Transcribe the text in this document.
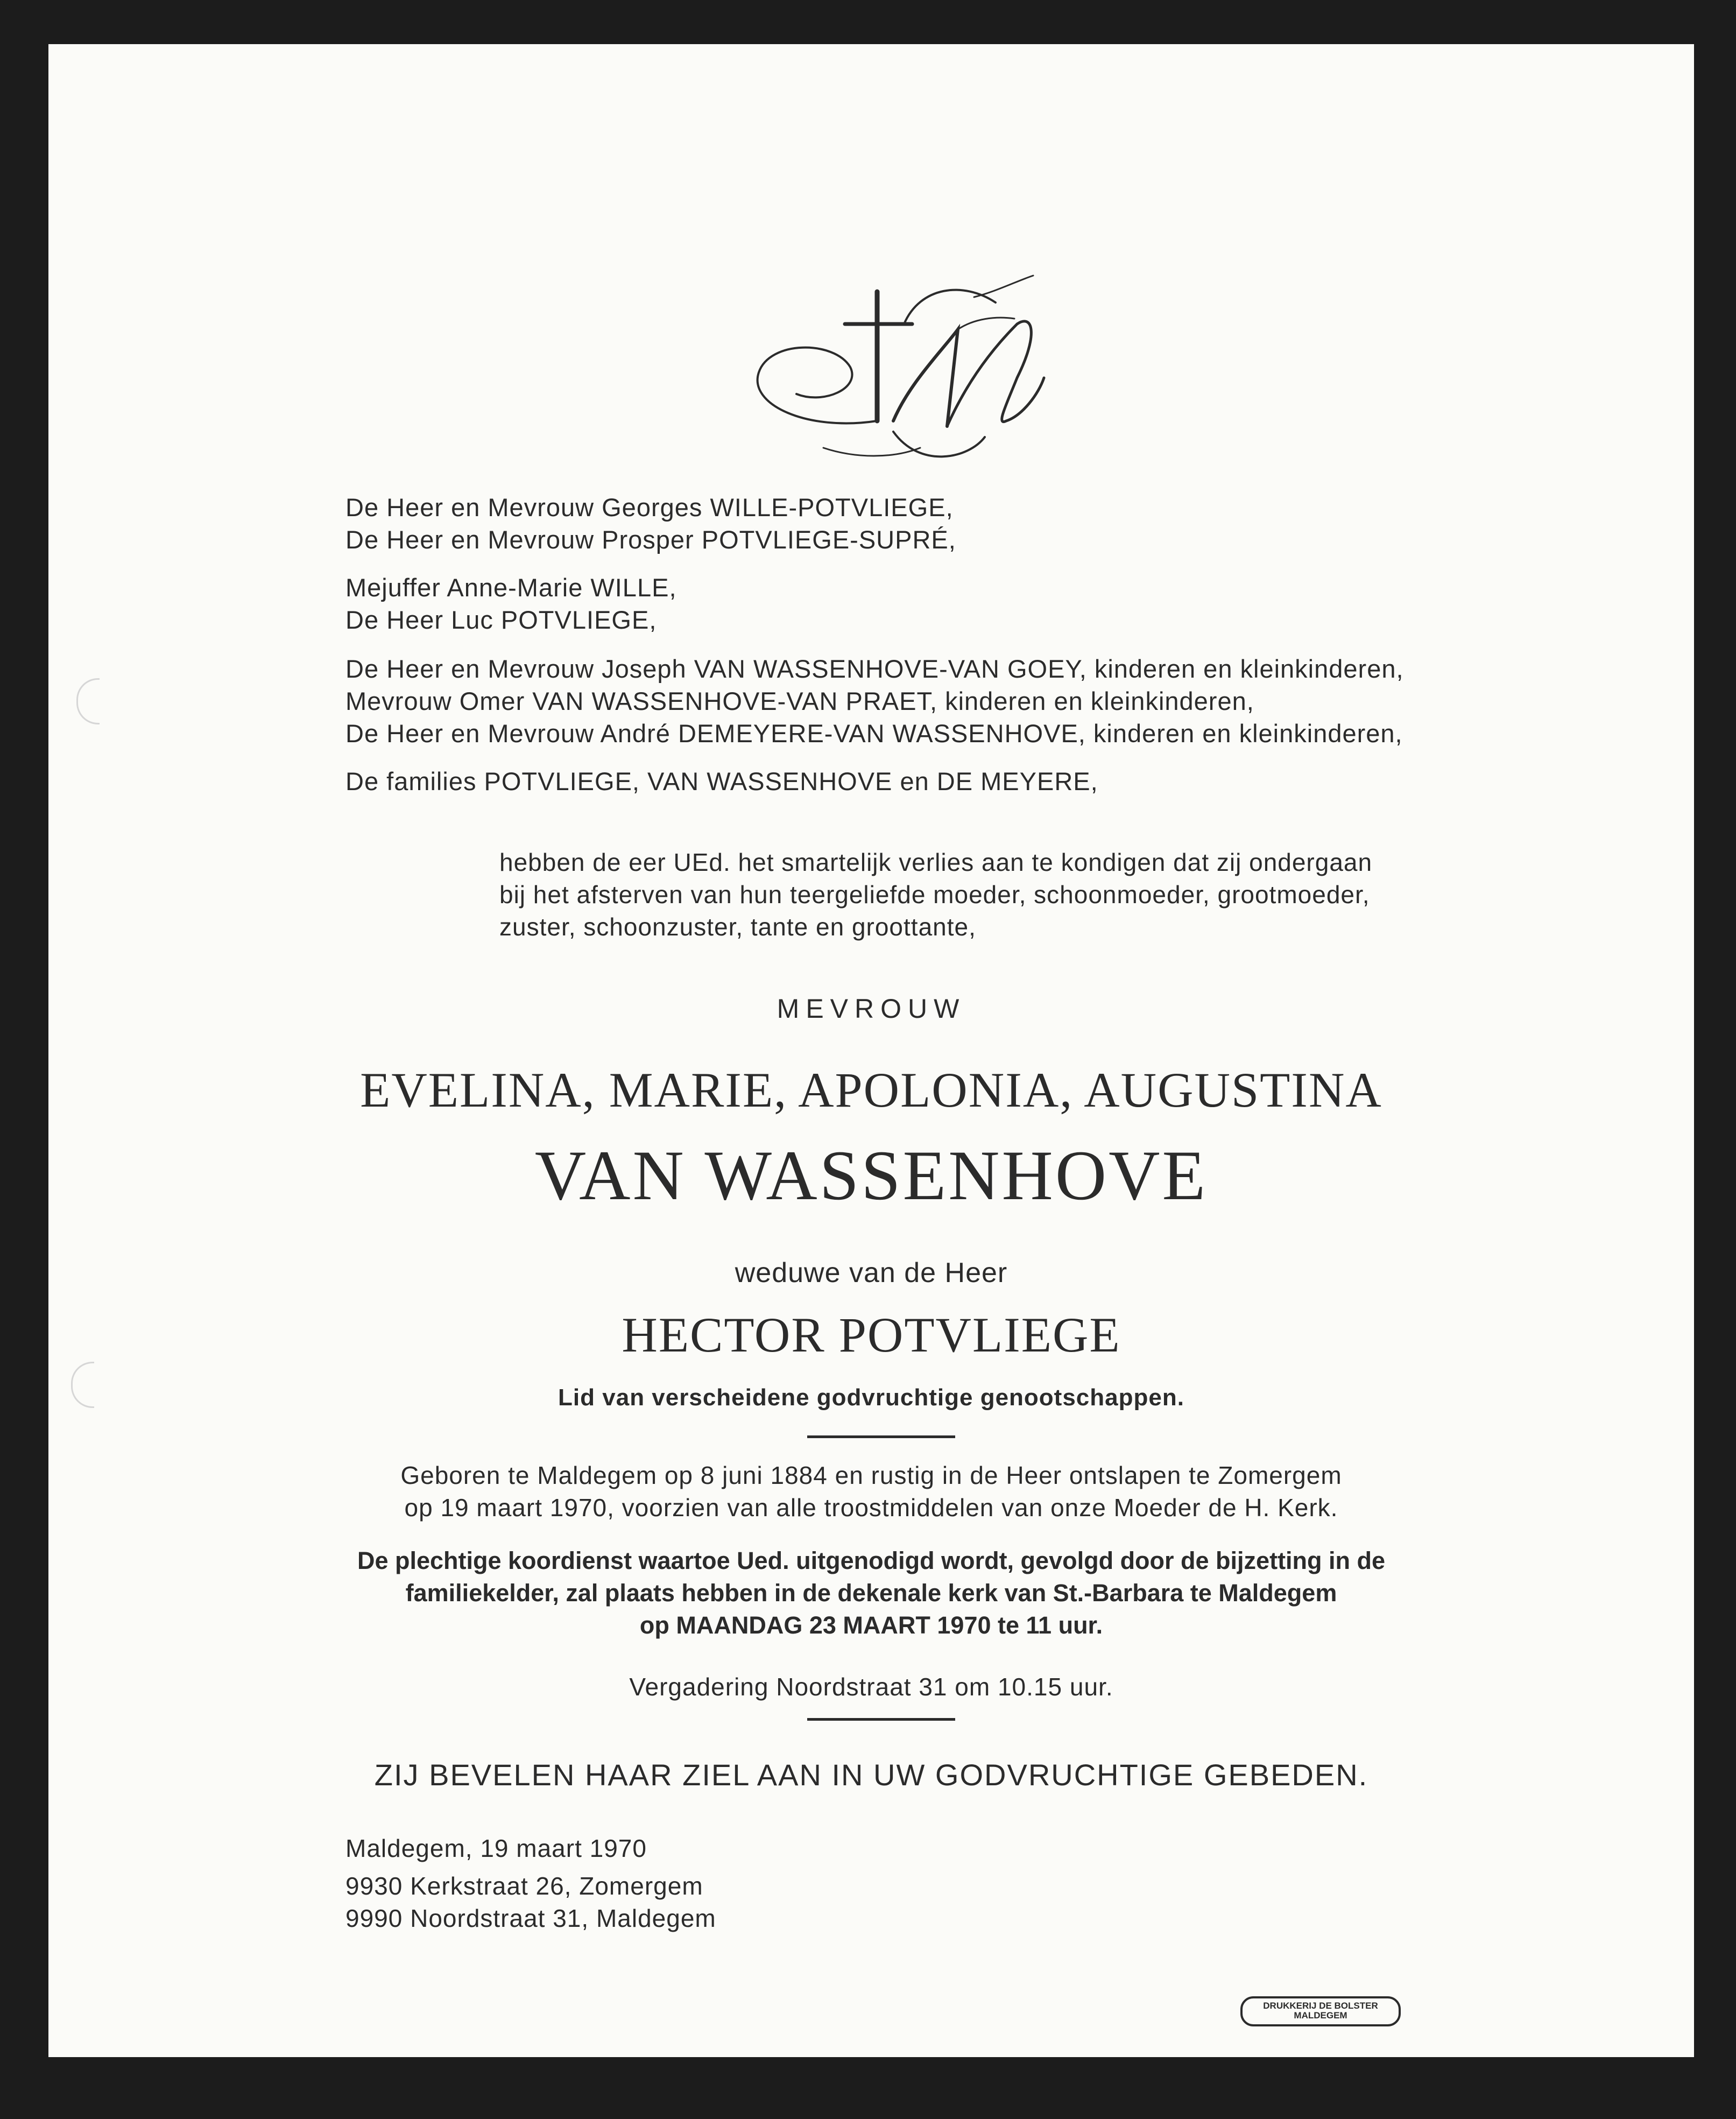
De Heer en Mevrouw Georges WILLE-POTVLIEGE,
De Heer en Mevrouw Prosper POTVLIEGE-SUPRÉ,
Mejuffer Anne-Marie WILLE,
De Heer Luc POTVLIEGE,
De Heer en Mevrouw Joseph VAN WASSENHOVE-VAN GOEY, kinderen en kleinkinderen,
Mevrouw Omer VAN WASSENHOVE-VAN PRAET, kinderen en kleinkinderen,
De Heer en Mevrouw André DEMEYERE-VAN WASSENHOVE, kinderen en kleinkinderen,
De families POTVLIEGE, VAN WASSENHOVE en DE MEYERE,
hebben de eer UEd. het smartelijk verlies aan te kondigen dat zij ondergaan
bij het afsterven van hun teergeliefde moeder, schoonmoeder, grootmoeder,
zuster, schoonzuster, tante en groottante,
MEVROUW
EVELINA, MARIE, APOLONIA, AUGUSTINA
VAN WASSENHOVE
weduwe van de Heer
HECTOR POTVLIEGE
Lid van verscheidene godvruchtige genootschappen.
Geboren te Maldegem op 8 juni 1884 en rustig in de Heer ontslapen te Zomergem
op 19 maart 1970, voorzien van alle troostmiddelen van onze Moeder de H. Kerk.
De plechtige koordienst waartoe Ued. uitgenodigd wordt, gevolgd door de bijzetting in de
familiekelder, zal plaats hebben in de dekenale kerk van St.-Barbara te Maldegem
op MAANDAG 23 MAART 1970 te 11 uur.
Vergadering Noordstraat 31 om 10.15 uur.
ZIJ BEVELEN HAAR ZIEL AAN IN UW GODVRUCHTIGE GEBEDEN.
Maldegem, 19 maart 1970
9930 Kerkstraat 26, Zomergem
9990 Noordstraat 31, Maldegem
DRUKKERIJ DE BOLSTER
MALDEGEM
